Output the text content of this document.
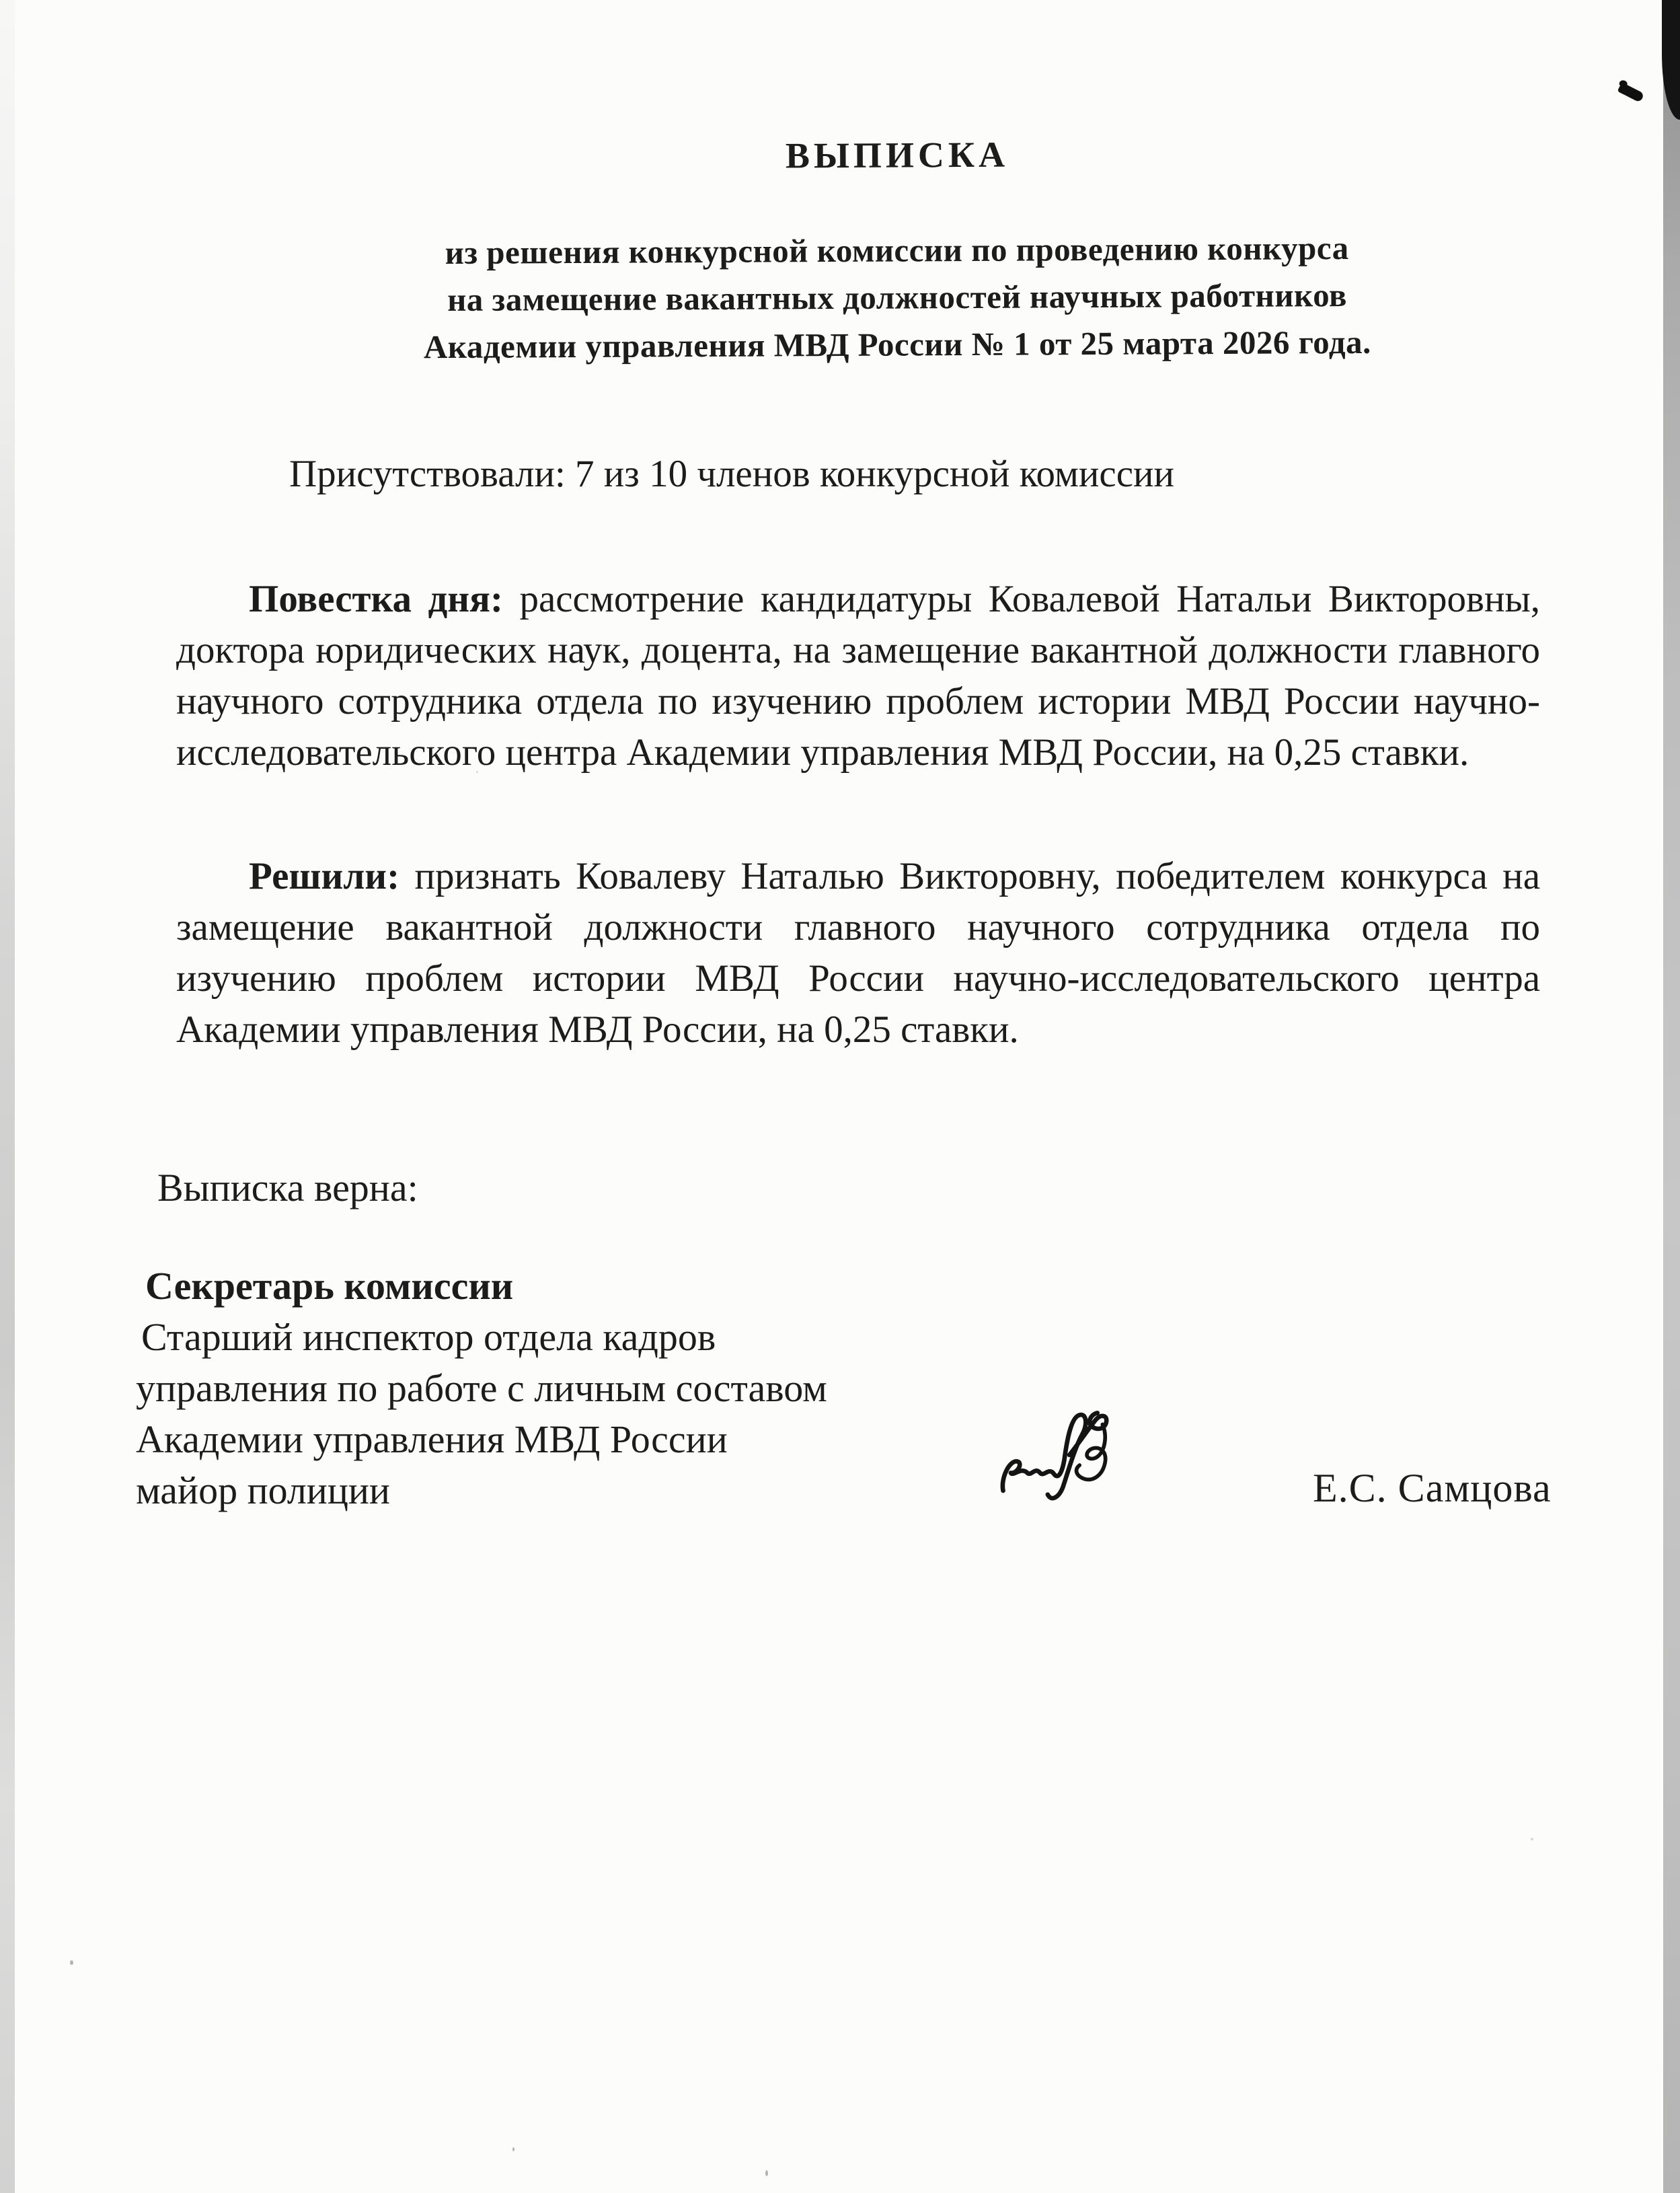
ВЫПИСКА
из решения конкурсной комиссии по проведению конкурса
на замещение вакантных должностей научных работников
Академии управления МВД России № 1 от 25 марта 2026 года.
Присутствовали: 7 из 10 членов конкурсной комиссии

Повестка дня: рассмотрение кандидатуры Ковалевой Натальи Викторовны, доктора юридических наук, доцента, на замещение вакантной должности главного научного сотрудника отдела по изучению проблем истории МВД России научно-исследовательского центра Академии управления МВД России, на 0,25 ставки.

Решили: признать Ковалеву Наталью Викторовну, победителем конкурса на замещение вакантной должности главного научного сотрудника отдела по изучению проблем истории МВД России научно-исследовательского центра Академии управления МВД России, на 0,25 ставки.

Выписка верна:
Секретарь комиссии
Старший инспектор отдела кадров
управления по работе с личным составом
Академии управления МВД России
майор полиции	Е.С. Самцова
